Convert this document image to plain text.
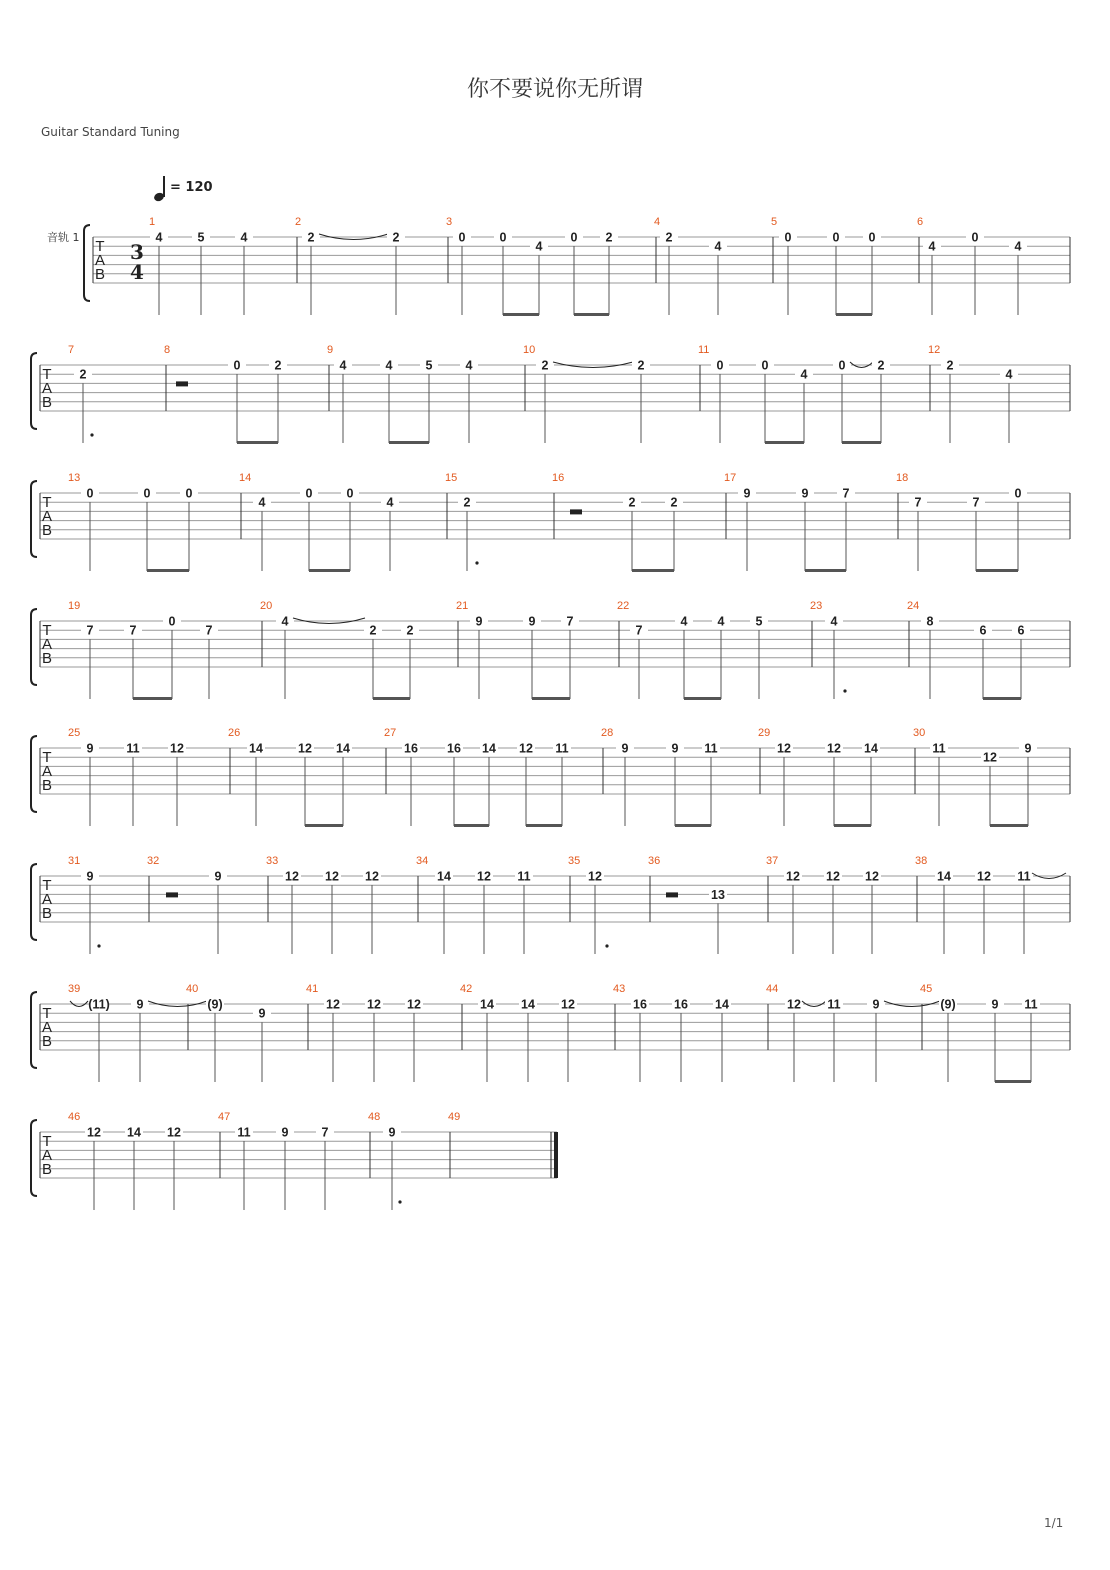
你不要说你无所谓
Guitar Standard Tuning
= 120
音轨 1
1/1
T
A
B
3
4
1
4	5	4
2
2	2
3
0	0
4
0 2
4
2
4
5
0	0 0
6
4
0
4
T
A
B
7
2
8
0	2
9
4	4	5	4
10
2	2
11
0	0
4
0	2
12
2
4
T
A
B
13
0	0	0
14
4
0	0
4
15
2
16
2	2
17
9	9	7
18
7	7
0
T
A
B
19
7	7
0
7
20
4
2 2
21
9	9 7
22
7
4 4 5
23
4
24
8
6 6
T
A
B
25
9	11 12
26
14	12 14
27
16 16 14 12 11
28
9	9 11
29
12	12 14
30
11
12
9
T
A
B
31
9
32
9
33
12 12 12
34
14 12 11
35
12
36
13
37
12 12 12
38
14 12 11
T
A
B
39
(11) 9
40
(9)
9
41
12 12 12
42
14 14 12
43
16 16 14
44
12 11	9
45
(9)	9 11
T
A
B
46
12 14 12
47
11 9	7
48
9
49
